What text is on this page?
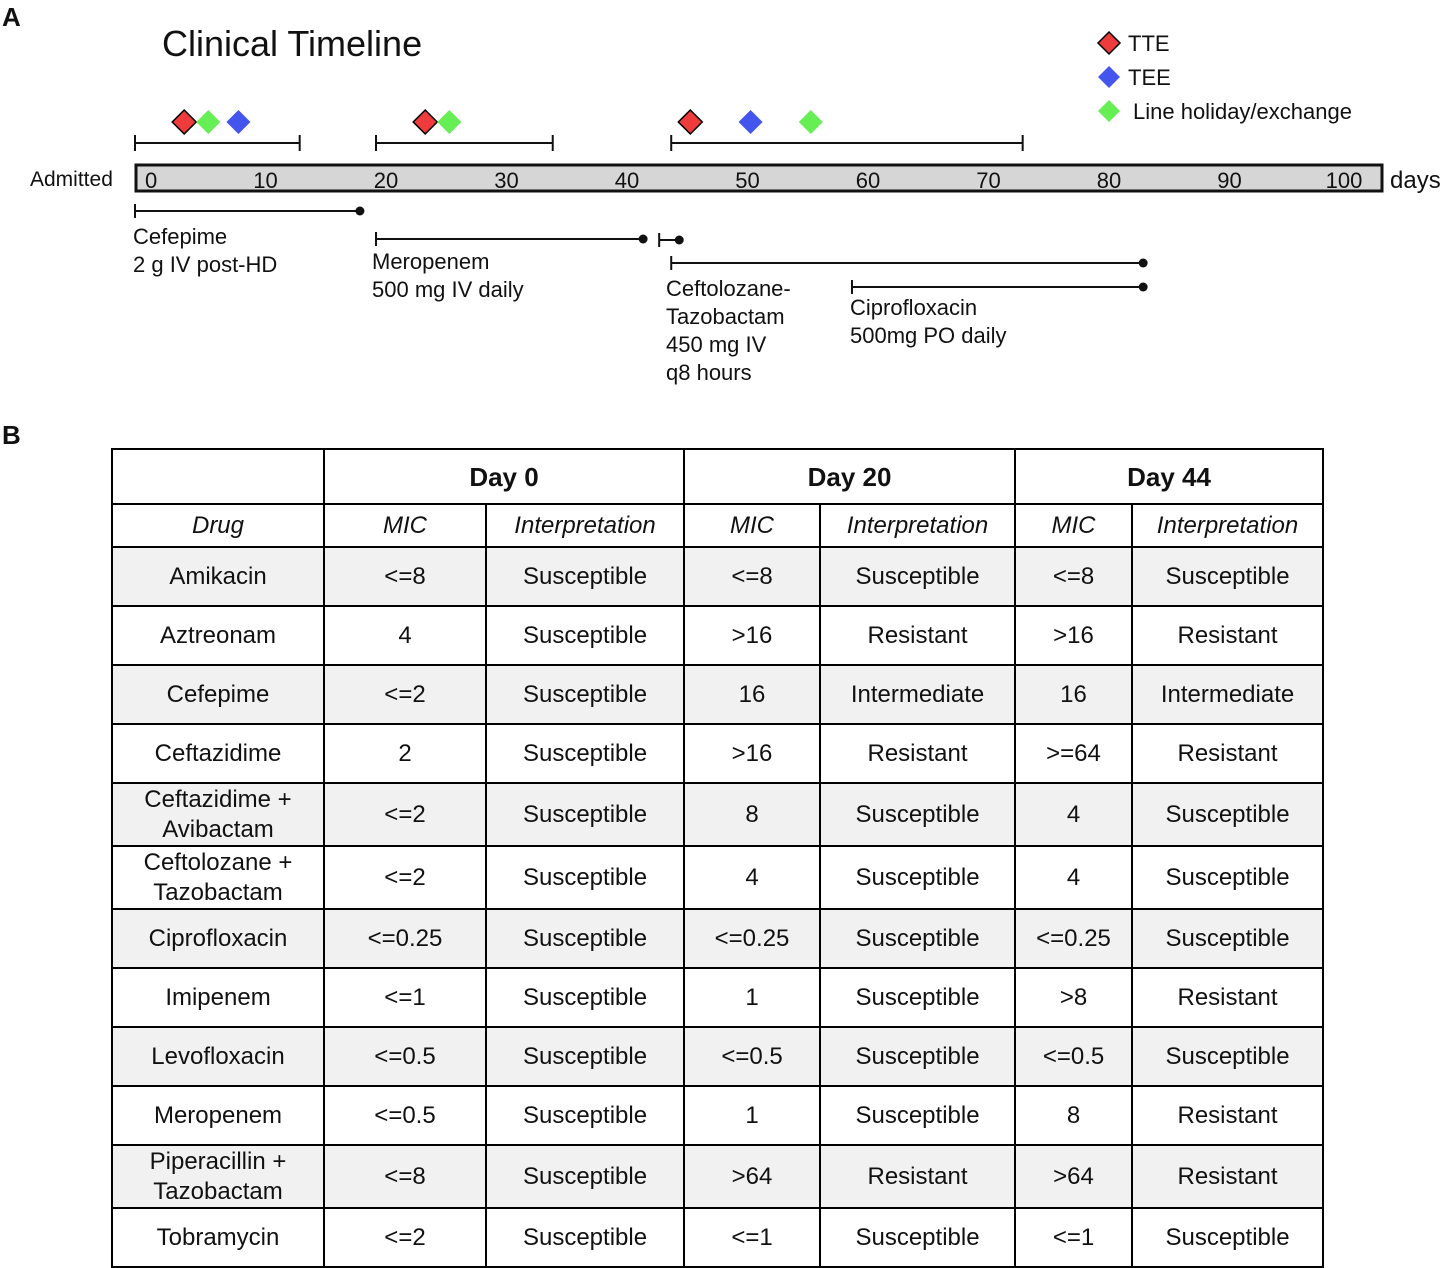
Clinical Timeline	TTE
TEE
Line holiday/exchange
0	10	20	30	40	50	60	70	80	90	100
Admitted	days
Cefepime
2 g IV post-HD	Meropenem
500 mg IV daily	Ceftolozane-
Tazobactam
450 mg IV
q8 hours
Ciprofloxacin
500mg PO daily
A
B
	Day 0		Day 20		Day 44	
Drug	MIC	Interpretation	MIC	Interpretation	MIC	Interpretation

Amikacin	<=8	Susceptible	<=8	Susceptible	<=8	Susceptible

Aztreonam	4	Susceptible	>16	Resistant	>16	Resistant

Cefepime	<=2	Susceptible	16	Intermediate	16	Intermediate

Ceftazidime	2	Susceptible	>16	Resistant	>=64	Resistant

Ceftazidime +
Avibactam	<=2	Susceptible	8	Susceptible	4	Susceptible

Ceftolozane +
Tazobactam	<=2	Susceptible	4	Susceptible	4	Susceptible

Ciprofloxacin	<=0.25	Susceptible	<=0.25	Susceptible	<=0.25	Susceptible

Imipenem	<=1	Susceptible	1	Susceptible	>8	Resistant

Levofloxacin	<=0.5	Susceptible	<=0.5	Susceptible	<=0.5	Susceptible

Meropenem	<=0.5	Susceptible	1	Susceptible	8	Resistant

Piperacillin +
Tazobactam	<=8	Susceptible	>64	Resistant	>64	Resistant

Tobramycin	<=2	Susceptible	<=1	Susceptible	<=1	Susceptible
